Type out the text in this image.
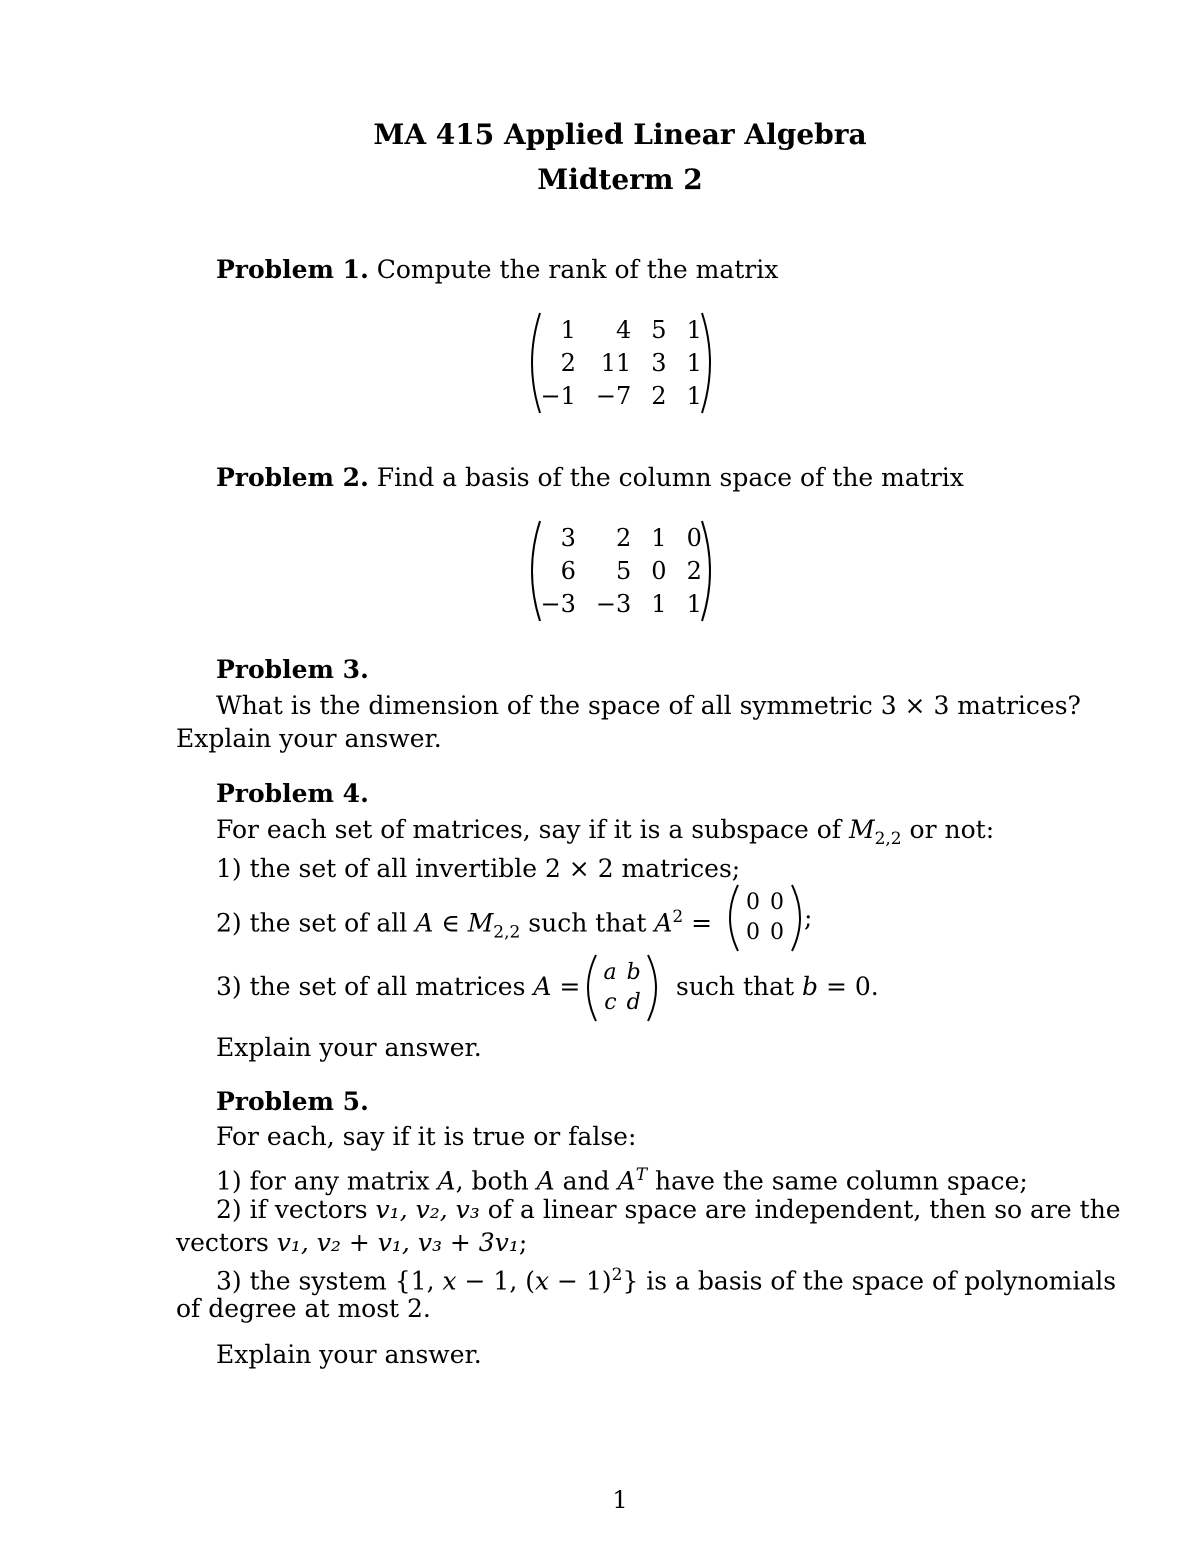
MA 415 Applied Linear Algebra
Midterm 2
Problem 1. Compute the rank of the matrix
1	4	5	1
2	11	3	1
−1	−7	2	1
Problem 2. Find a basis of the column space of the matrix
3	2	1	0
6	5	0	2
−3	−3	1	1
Problem 3.
What is the dimension of the space of all symmetric 3 × 3 matrices?
Explain your answer.
Problem 4.
For each set of matrices, say if it is a subspace of $M_{2,2}$ or not:
1) the set of all invertible 2 × 2 matrices;
2) the set of all A ∈ $M_{2,2}$ such that $A^2$ =
0	0
0	0
;
3) the set of all matrices A = a	b
c	d
such that b = 0.
Explain your answer.
Problem 5.
For each, say if it is true or false:
1) for any matrix A, both A and $A^T$ have the same column space;
2) if vectors v₁, v₂, v₃ of a linear space are independent, then so are the
vectors v₁, v₂ + v₁, v₃ + 3v₁;
3) the system {1, x − 1, $(x - 1)^2$} is a basis of the space of polynomials
of degree at most 2.
Explain your answer.
1
